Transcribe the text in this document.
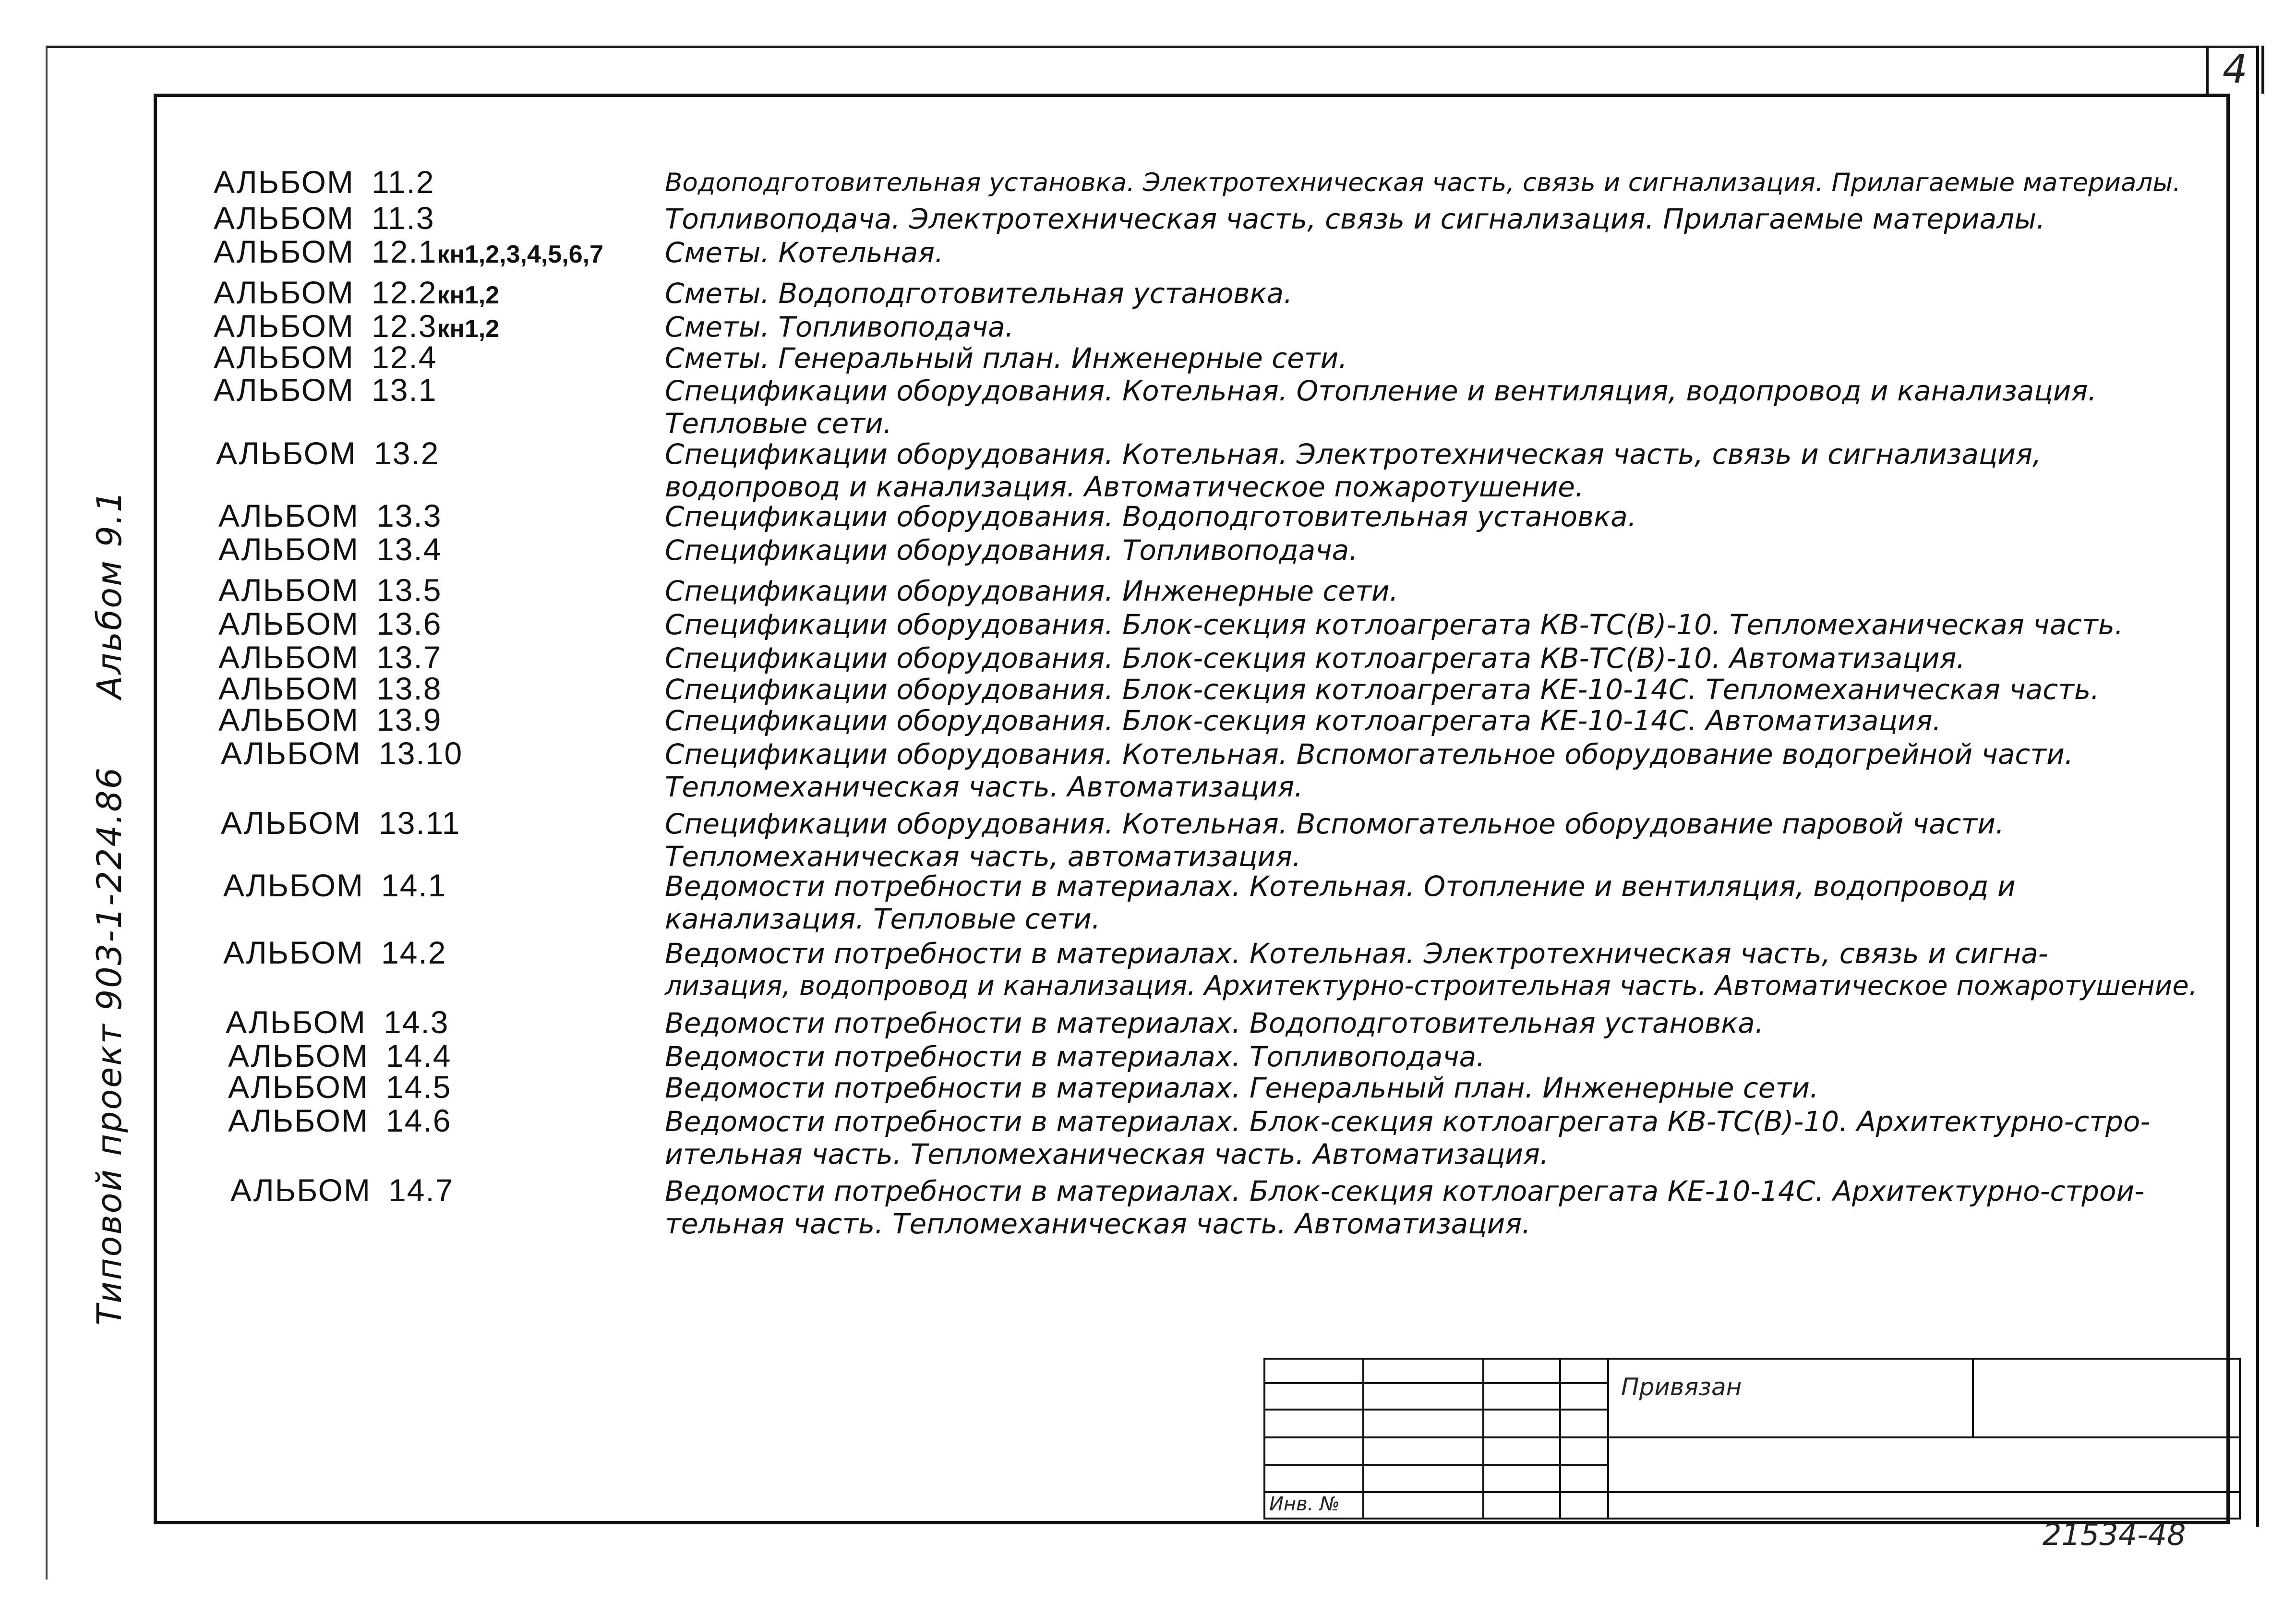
4
Типовой проект 903-1-224.86Альбом 9.1
АЛЬБОМ 11.2	Водоподготовительная установка. Электротехническая часть, связь и сигнализация. Прилагаемые материалы.
АЛЬБОМ 11.3	Топливоподача. Электротехническая часть, связь и сигнализация. Прилагаемые материалы.
АЛЬБОМ 12.1кн1,2,3,4,5,6,7 Сметы. Котельная.
АЛЬБОМ 12.2кн1,2	Сметы. Водоподготовительная установка.
АЛЬБОМ 12.3кн1,2	Сметы. Топливоподача.
АЛЬБОМ 12.4	Сметы. Генеральный план. Инженерные сети.
АЛЬБОМ 13.1	Спецификации оборудования. Котельная. Отопление и вентиляция, водопровод и канализация.
Тепловые сети.
АЛЬБОМ 13.2	Спецификации оборудования. Котельная. Электротехническая часть, связь и сигнализация,
водопровод и канализация. Автоматическое пожаротушение.
АЛЬБОМ 13.3	Спецификации оборудования. Водоподготовительная установка.
АЛЬБОМ 13.4	Спецификации оборудования. Топливоподача.
АЛЬБОМ 13.5	Спецификации оборудования. Инженерные сети.
АЛЬБОМ 13.6	Спецификации оборудования. Блок-секция котлоагрегата КВ-ТС(В)-10. Тепломеханическая часть.
АЛЬБОМ 13.7	Спецификации оборудования. Блок-секция котлоагрегата КВ-ТС(В)-10. Автоматизация.
АЛЬБОМ 13.8	Спецификации оборудования. Блок-секция котлоагрегата КЕ-10-14С. Тепломеханическая часть.
АЛЬБОМ 13.9	Спецификации оборудования. Блок-секция котлоагрегата КЕ-10-14С. Автоматизация.
АЛЬБОМ 13.10	Спецификации оборудования. Котельная. Вспомогательное оборудование водогрейной части.
Тепломеханическая часть. Автоматизация.
АЛЬБОМ 13.11	Спецификации оборудования. Котельная. Вспомогательное оборудование паровой части.
Тепломеханическая часть, автоматизация.
АЛЬБОМ 14.1	Ведомости потребности в материалах. Котельная. Отопление и вентиляция, водопровод и
канализация. Тепловые сети.
АЛЬБОМ 14.2	Ведомости потребности в материалах. Котельная. Электротехническая часть, связь и сигна-
лизация, водопровод и канализация. Архитектурно-строительная часть. Автоматическое пожаротушение.
АЛЬБОМ 14.3	Ведомости потребности в материалах. Водоподготовительная установка.
АЛЬБОМ 14.4	Ведомости потребности в материалах. Топливоподача.
АЛЬБОМ 14.5	Ведомости потребности в материалах. Генеральный план. Инженерные сети.
АЛЬБОМ 14.6	Ведомости потребности в материалах. Блок-секция котлоагрегата КВ-ТС(В)-10. Архитектурно-стро-
ительная часть. Тепломеханическая часть. Автоматизация.
АЛЬБОМ 14.7	Ведомости потребности в материалах. Блок-секция котлоагрегата КЕ-10-14С. Архитектурно-строи-
тельная часть. Тепломеханическая часть. Автоматизация.
Привязан
Инв. №
21534-48
